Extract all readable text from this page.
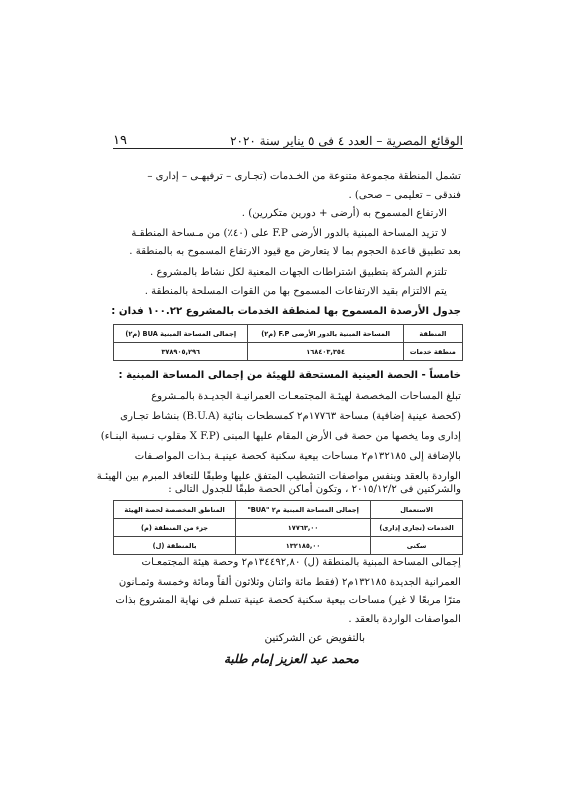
الوقائع المصرية – العدد ٤ فى ٥ يناير سنة ٢٠٢٠
١٩
تشمل المنطقة مجموعة متنوعة من الخـدمات (تجـارى – ترفيهـى – إدارى –
فندقى – تعليمى – صحى) .
الارتفاع المسموح به (أرضى + دورين متكررين) .
لا تزيد المساحة المبنية بالدور الأرضى F.P على (٤٠٪) من مـساحة المنطقـة
بعد تطبيق قاعدة الحجوم بما لا يتعارض مع قيود الارتفاع المسموح به بالمنطقة .
تلتزم الشركة بتطبيق اشتراطات الجهات المعنية لكل نشاط بالمشروع .
يتم الالتزام بقيد الارتفاعات المسموح بها من القوات المسلحة بالمنطقة .
جدول الأرصدة المسموح بها لمنطقة الخدمات بالمشروع ١٠٠.٢٢ فدان :
المنطقة	المساحة المبنية بالدور الأرضى F.P (م٢)	إجمالى المساحة المبنية BUA (م٢)
منطقة خدمات	١٦٨٤٠٣,٣٥٤	٣٧٨٩٠٥,٢٩٦
خامساً - الحصة العينية المستحقة للهيئة من إجمالى المساحة المبنية :
تبلغ المساحات المخصصة لهيئـة المجتمعـات العمرانيـة الجديـدة بالمـشروع
(كحصة عينية إضافية) مساحة ١٧٧٦٣م٢ كمسطحات بنائية (B.U.A) بنشاط تجـارى
إدارى وما يخصها من حصة فى الأرض المقام عليها المبنى (X F.P مقلوب نـسبة البنـاء)
بالإضافة إلى ١٣٢١٨٥م٢ مساحات بيعية سكنية كحصة عينيـة بـذات المواصـفات
الواردة بالعقد وبنفس مواصفات التشطيب المتفق عليها وطبقًا للتعاقد المبرم بين الهيئـة
والشركتين فى ٢٠١٥/١٢/٢ ، وتكون أماكن الحصة طبقًا للجدول التالى :
الاستعمال	إجمالى المساحة المبنية م٢ "BUA"	المناطق المخصصة لحصة الهيئة
الخدمات (تجارى إدارى)	١٧٧٦٣,٠٠	جزء من المنطقة (م)
سكنى	١٣٢١٨٥,٠٠	بالمنطقة (ل)
إجمالى المساحة المبنية بالمنطقة (ل) ١٣٤٤٩٢,٨٠م٢ وحصة هيئة المجتمعـات
العمرانية الجديدة ١٣٢١٨٥م٢ (فقط مائة واثنان وثلاثون ألفاً ومائة وخمسة وثمـانون
مترًا مربعًا لا غير) مساحات بيعية سكنية كحصة عينية تسلم فى نهاية المشروع بذات
المواصفات الواردة بالعقد .
بالتفويض عن الشركتين
محمد عبد العزيز إمام طلبة
